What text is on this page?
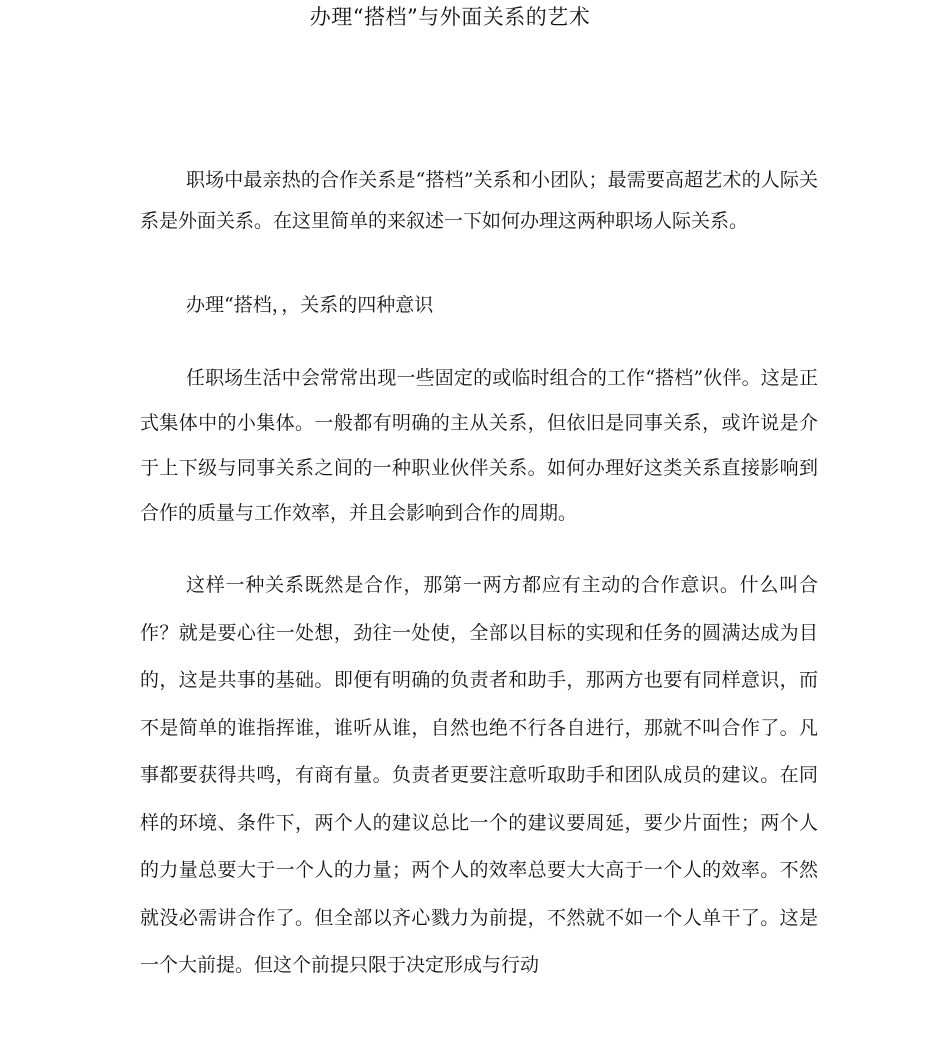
办理“搭档”与外面关系的艺术

职场中最亲热的合作关系是“搭档”关系和小团队；最需要高超艺术的人际关系是外面关系。在这里简单的来叙述一下如何办理这两种职场人际关系。

办理“搭档，，关系的四种意识

任职场生活中会常常出现一些固定的或临时组合的工作“搭档”伙伴。这是正式集体中的小集体。一般都有明确的主从关系，但依旧是同事关系，或许说是介于上下级与同事关系之间的一种职业伙伴关系。如何办理好这类关系直接影响到合作的质量与工作效率，并且会影响到合作的周期。

这样一种关系既然是合作，那第一两方都应有主动的合作意识。什么叫合作？就是要心往一处想，劲往一处使，全部以目标的实现和任务的圆满达成为目的，这是共事的基础。即便有明确的负责者和助手，那两方也要有同样意识，而不是简单的谁指挥谁，谁听从谁，自然也绝不行各自进行，那就不叫合作了。凡事都要获得共鸣，有商有量。负责者更要注意听取助手和团队成员的建议。在同样的环境、条件下，两个人的建议总比一个的建议要周延，要少片面性；两个人的力量总要大于一个人的力量；两个人的效率总要大大高于一个人的效率。不然就没必需讲合作了。但全部以齐心戮力为前提，不然就不如一个人单干了。这是一个大前提。但这个前提只限于决定形成与行动
